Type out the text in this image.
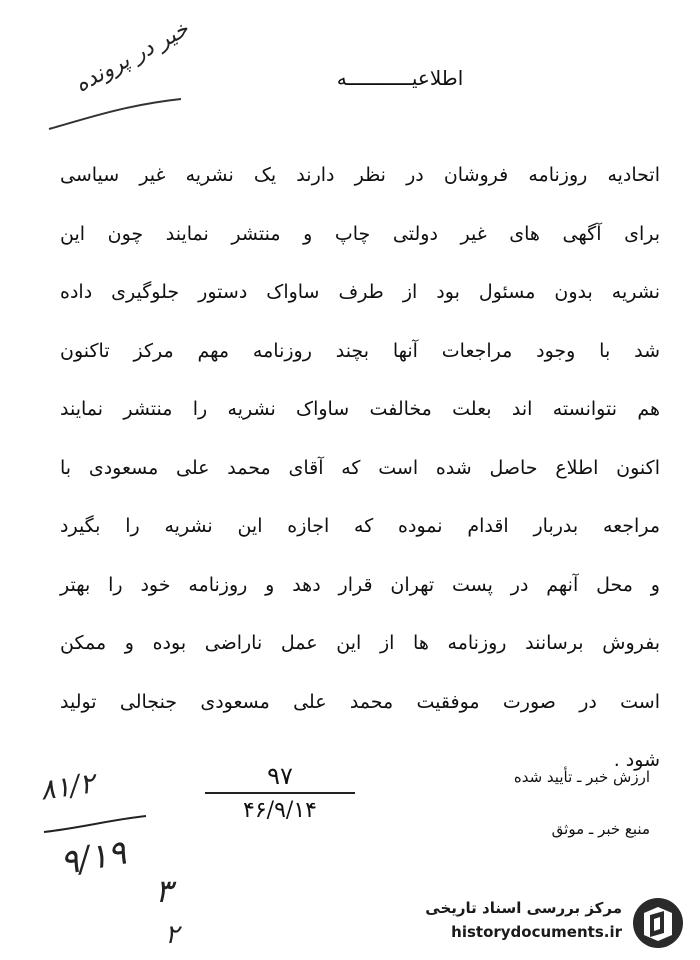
خیر در پرونده	اطلاعیـــــــــــه
اتحادیه روزنامه فروشان در نظر دارند یک نشریه غیر سیاسی
برای آگهی های غیر دولتی چاپ و منتشر نمایند چون این
نشریه بدون مسئول بود از طرف ساواک دستور جلوگیری داده
شد با وجود مراجعات آنها بچند روزنامه مهم مرکز تاکنون
هم نتوانسته اند بعلت مخالفت ساواک نشریه را منتشر نمایند
اکنون اطلاع حاصل شده است که آقای محمد علی مسعودی با
مراجعه بدربار اقدام نموده که اجازه این نشریه را بگیرد
و محل آنهم در پست تهران قرار دهد و روزنامه خود را بهتر
بفروش برسانند روزنامه ها از این عمل ناراضی بوده و ممکن
است در صورت موفقیت محمد علی مسعودی جنجالی تولید
شود .
ارزش خبر ـ تأیید شده
منبع خبر ـ موثق
۹۷
۴۶/۹/۱۴
۸۱/۲
۹/۱۹
۳
۲
مرکز بررسی اسناد تاریخی
historydocuments.ir
